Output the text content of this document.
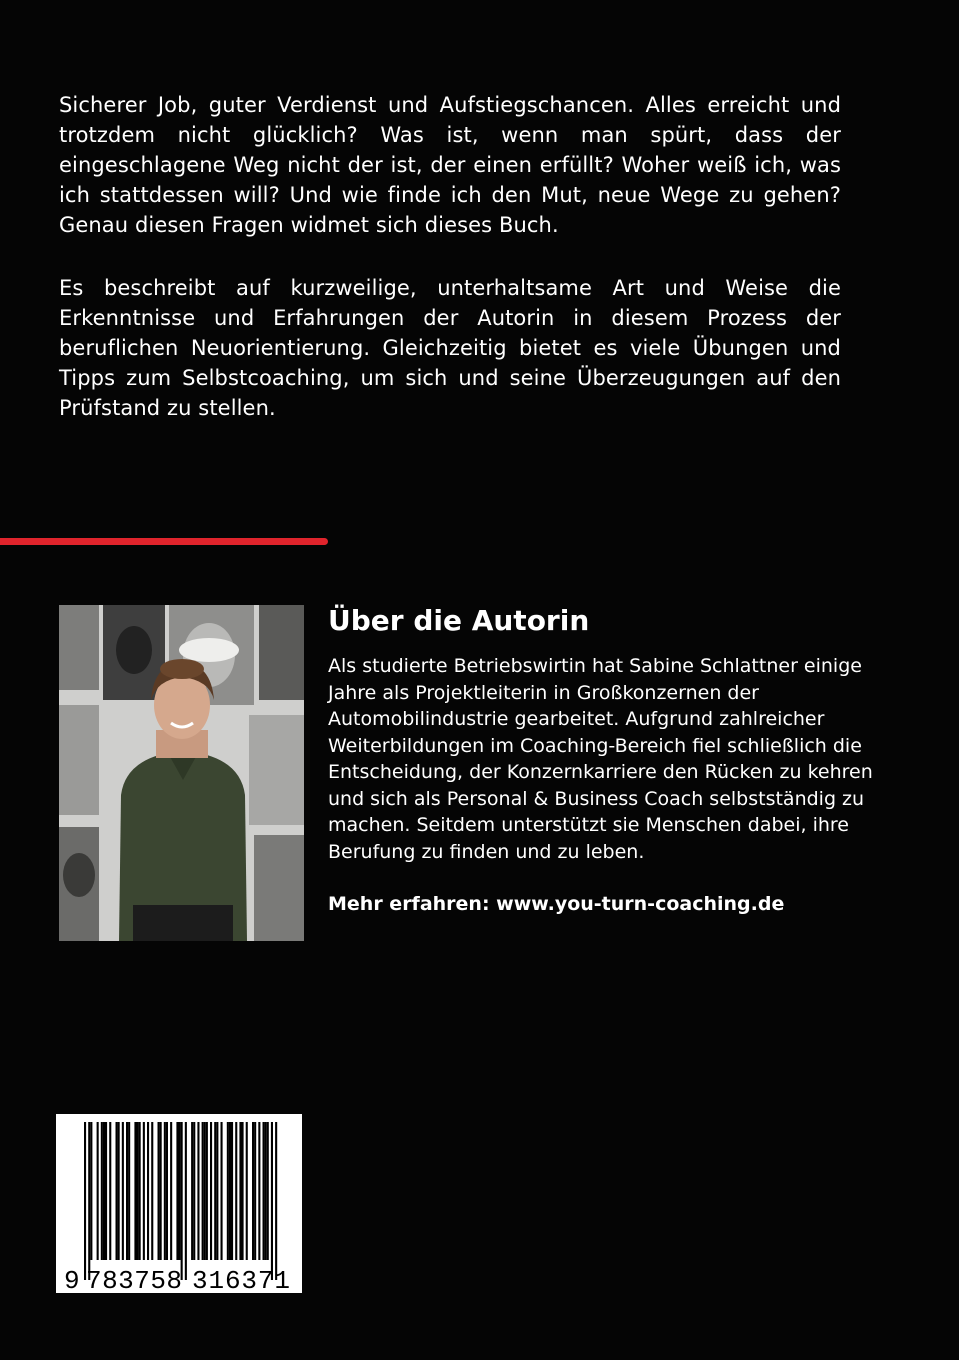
Sicherer Job, guter Verdienst und Aufstiegschancen. Alles erreicht und trotzdem nicht glücklich? Was ist, wenn man spürt, dass der eingeschlagene Weg nicht der ist, der einen erfüllt? Woher weiß ich, was ich stattdessen will? Und wie finde ich den Mut, neue Wege zu gehen? Genau diesen Fragen widmet sich dieses Buch.

Es beschreibt auf kurzweilige, unterhaltsame Art und Weise die Erkenntnisse und Erfahrungen der Autorin in diesem Prozess der beruflichen Neuorientierung. Gleichzeitig bietet es viele Übungen und Tipps zum Selbstcoaching, um sich und seine Überzeugungen auf den Prüfstand zu stellen.

Über die Autorin

Als studierte Betriebswirtin hat Sabine Schlattner einige Jahre als Projektleiterin in Großkonzernen der Automobilindustrie gearbeitet. Aufgrund zahlreicher Weiterbildungen im Coaching-Bereich fiel schließlich die Entscheidung, der Konzernkarriere den Rücken zu kehren und sich als Personal & Business Coach selbstständig zu machen. Seitdem unterstützt sie Menschen dabei, ihre Berufung zu finden und zu leben.

Mehr erfahren: www.you-turn-coaching.de

9 783758 316371
